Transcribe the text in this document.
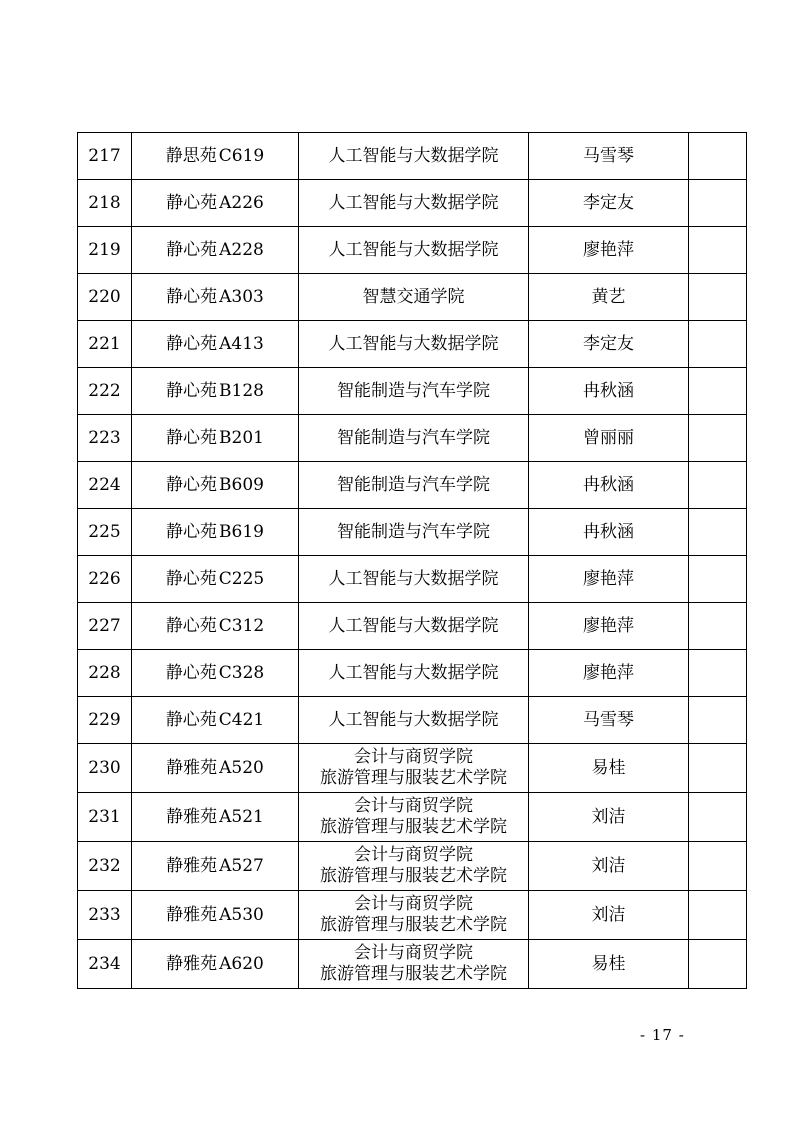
217	静思苑 C619	人工智能与大数据学院	马雪琴	
218	静心苑 A226	人工智能与大数据学院	李定友	
219	静心苑 A228	人工智能与大数据学院	廖艳萍	
220	静心苑 A303	智慧交通学院	黄艺	
221	静心苑 A413	人工智能与大数据学院	李定友	
222	静心苑 B128	智能制造与汽车学院	冉秋涵	
223	静心苑 B201	智能制造与汽车学院	曾丽丽	
224	静心苑 B609	智能制造与汽车学院	冉秋涵	
225	静心苑 B619	智能制造与汽车学院	冉秋涵	
226	静心苑 C225	人工智能与大数据学院	廖艳萍	
227	静心苑 C312	人工智能与大数据学院	廖艳萍	
228	静心苑 C328	人工智能与大数据学院	廖艳萍	
229	静心苑 C421	人工智能与大数据学院	马雪琴	
230	静雅苑 A520	会计与商贸学院
旅游管理与服装艺术学院	易桂	
231	静雅苑 A521	会计与商贸学院
旅游管理与服装艺术学院	刘洁	
232	静雅苑 A527	会计与商贸学院
旅游管理与服装艺术学院	刘洁	
233	静雅苑 A530	会计与商贸学院
旅游管理与服装艺术学院	刘洁	
234	静雅苑 A620	会计与商贸学院
旅游管理与服装艺术学院	易桂	
- 17 -
